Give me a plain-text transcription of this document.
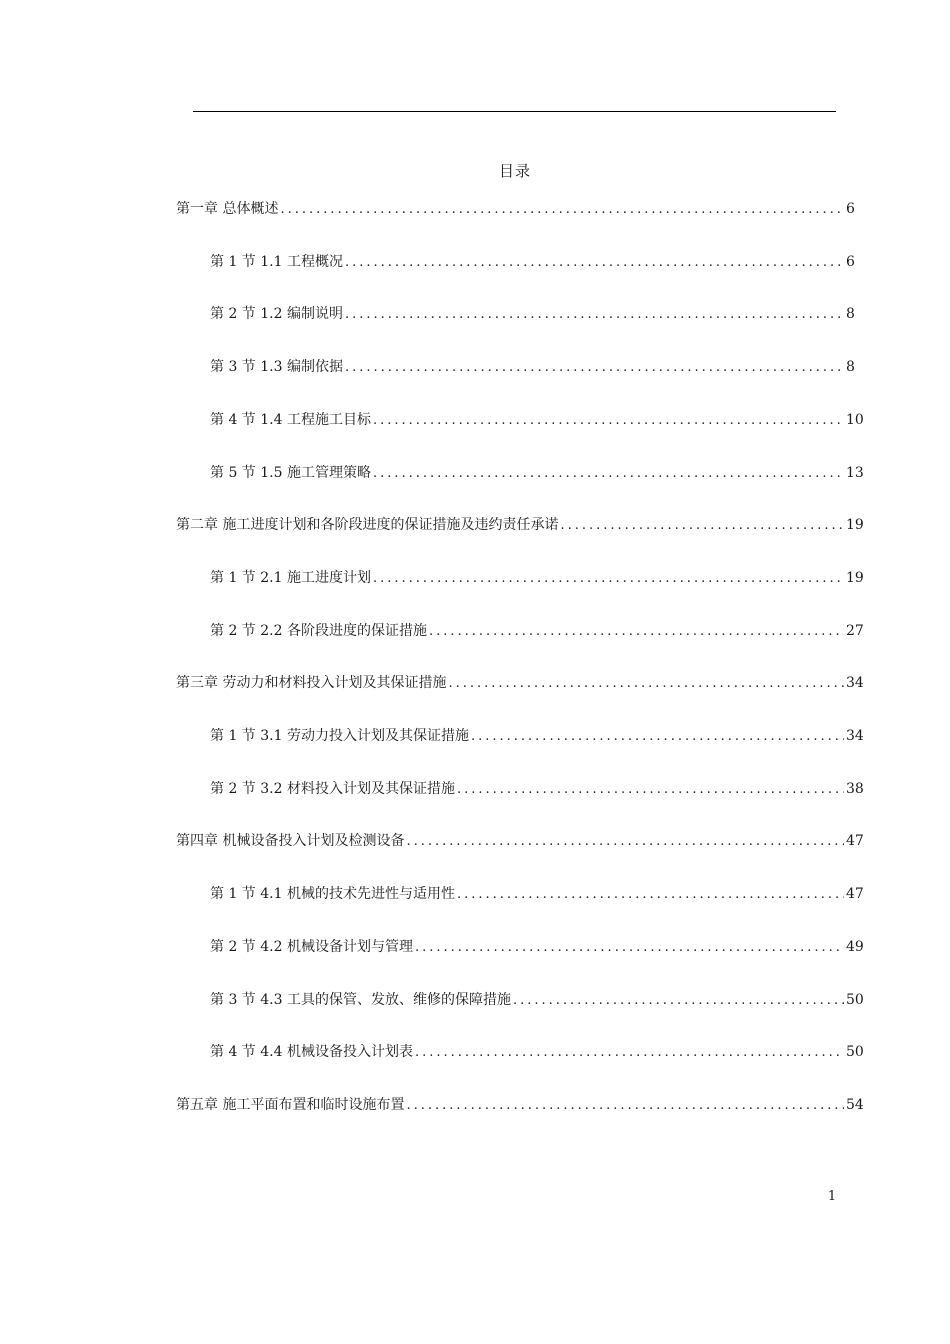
目录
第一章 总体概述 .....	6
第 1 节 1.1 工程概况 .....	6
第 2 节 1.2 编制说明 .....	8
第 3 节 1.3 编制依据 .....	8
第 4 节 1.4 工程施工目标 .....	10
第 5 节 1.5 施工管理策略 .....	13
第二章 施工进度计划和各阶段进度的保证措施及违约责任承诺 .....	19
第 1 节 2.1 施工进度计划 .....	19
第 2 节 2.2 各阶段进度的保证措施 .....	27
第三章 劳动力和材料投入计划及其保证措施 .....	34
第 1 节 3.1 劳动力投入计划及其保证措施 .....	34
第 2 节 3.2 材料投入计划及其保证措施 .....	38
第四章 机械设备投入计划及检测设备 .....	47
第 1 节 4.1 机械的技术先进性与适用性 .....	47
第 2 节 4.2 机械设备计划与管理 .....	49
第 3 节 4.3 工具的保管、发放、维修的保障措施 .....	50
第 4 节 4.4 机械设备投入计划表 .....	50
第五章 施工平面布置和临时设施布置 .....	54
1
